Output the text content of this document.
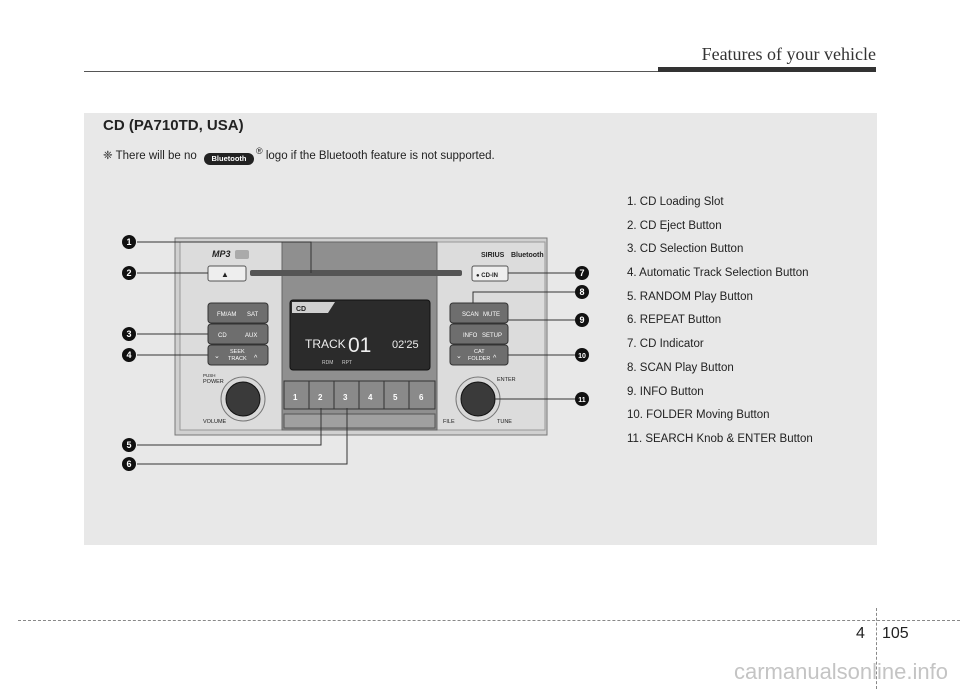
Features of your vehicle
CD (PA710TD, USA)
❈ There will be no Bluetooth® logo if the Bluetooth feature is not supported.
1. CD Loading Slot
2. CD Eject Button
3. CD Selection Button
4. Automatic Track Selection Button
5. RANDOM Play Button
6. REPEAT Button
7. CD Indicator
8. SCAN Play Button
9. INFO Button
10. FOLDER Moving Button
11. SEARCH Knob & ENTER Button
MP3	SIRIUS Bluetooth
▲	● CD-IN
FM/AM SAT
CD	AUX
⌄
SEEK
TRACK ^
PUSH
POWER
VOLUME
CD
TRACK 01 02'25
RDM RPT
1	2	3	4	5	6
SCAN MUTE
INFO SETUP
⌄
CAT
FOLDER ^
ENTER
FILE	TUNE
1
2
3
4
5
6
7
8
9
10
11
4 105
carmanualsonline.info
